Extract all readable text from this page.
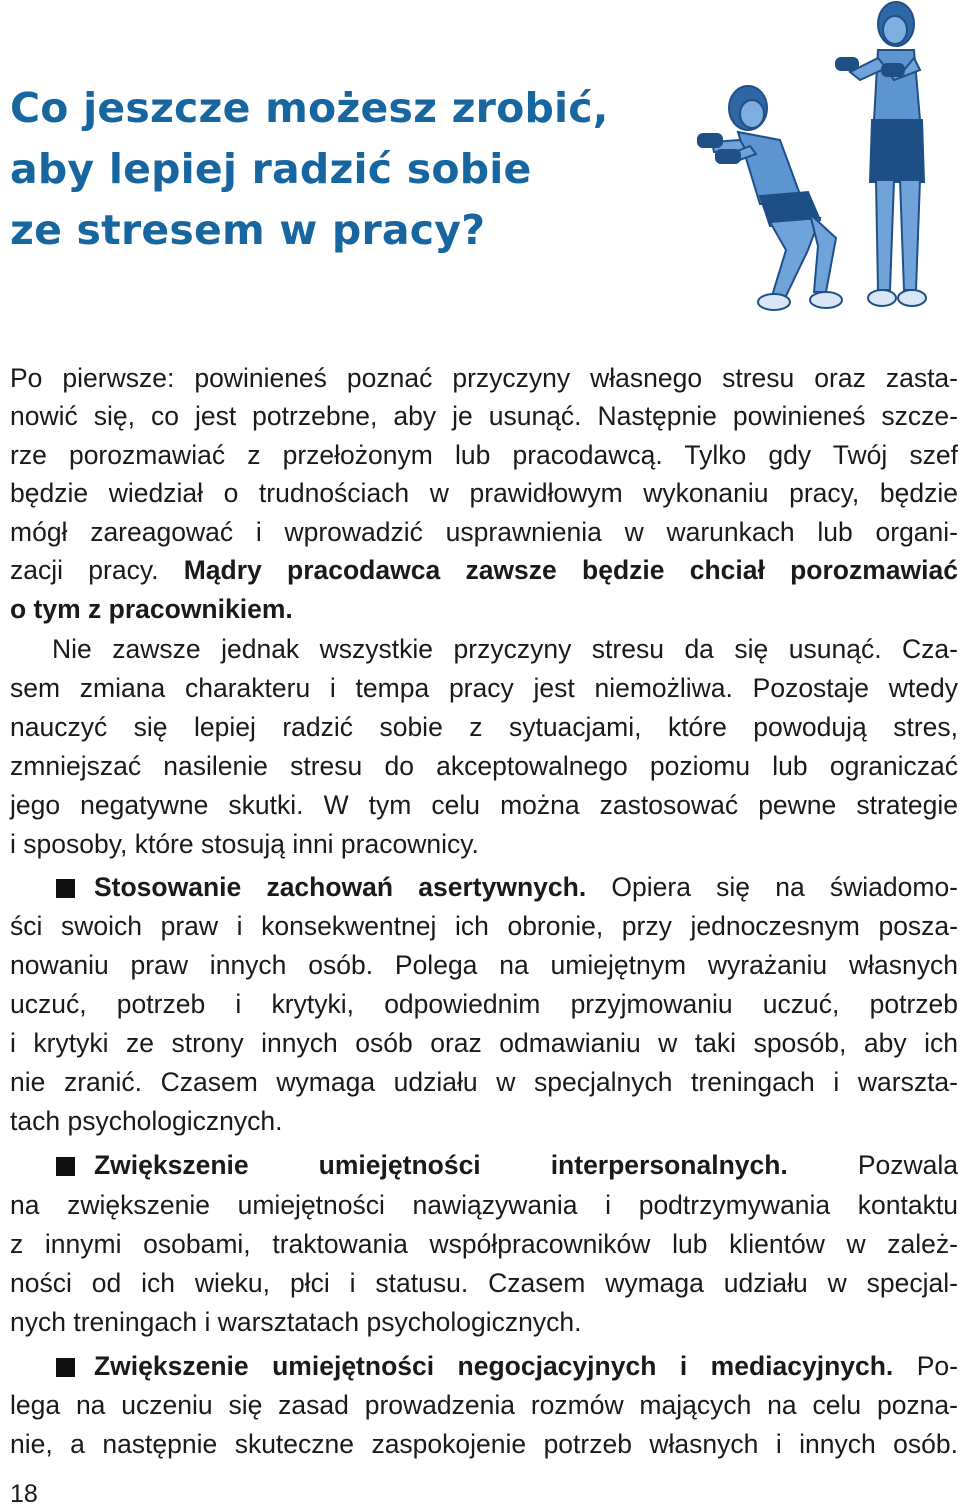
Co jeszcze możesz zrobić,
aby lepiej radzić sobie
ze stresem w pracy?

Po pierwsze: powinieneś poznać przyczyny własnego stresu oraz zasta-

nowić się, co jest potrzebne, aby je usunąć. Następnie powinieneś szcze-

rze porozmawiać z przełożonym lub pracodawcą. Tylko gdy Twój szef

będzie wiedział o trudnościach w prawidłowym wykonaniu pracy, będzie

mógł zareagować i wprowadzić usprawnienia w warunkach lub organi-

zacji pracy. Mądry pracodawca zawsze będzie chciał porozmawiać

o tym z pracownikiem.

Nie zawsze jednak wszystkie przyczyny stresu da się usunąć. Cza-

sem zmiana charakteru i tempa pracy jest niemożliwa. Pozostaje wtedy

nauczyć się lepiej radzić sobie z sytuacjami, które powodują stres,

zmniejszać nasilenie stresu do akceptowalnego poziomu lub ograniczać

jego negatywne skutki. W tym celu można zastosować pewne strategie

i sposoby, które stosują inni pracownicy.

Stosowanie zachowań asertywnych. Opiera się na świadomo-

ści swoich praw i konsekwentnej ich obronie, przy jednoczesnym posza-

nowaniu praw innych osób. Polega na umiejętnym wyrażaniu własnych

uczuć, potrzeb i krytyki, odpowiednim przyjmowaniu uczuć, potrzeb

i krytyki ze strony innych osób oraz odmawianiu w taki sposób, aby ich

nie zranić. Czasem wymaga udziału w specjalnych treningach i warszta-

tach psychologicznych.

Zwiększenie umiejętności interpersonalnych. Pozwala

na zwiększenie umiejętności nawiązywania i podtrzymywania kontaktu

z innymi osobami, traktowania współpracowników lub klientów w zależ-

ności od ich wieku, płci i statusu. Czasem wymaga udziału w specjal-

nych treningach i warsztatach psychologicznych.

Zwiększenie umiejętności negocjacyjnych i mediacyjnych. Po-

lega na uczeniu się zasad prowadzenia rozmów mających na celu pozna-

nie, a następnie skuteczne zaspokojenie potrzeb własnych i innych osób.

18
